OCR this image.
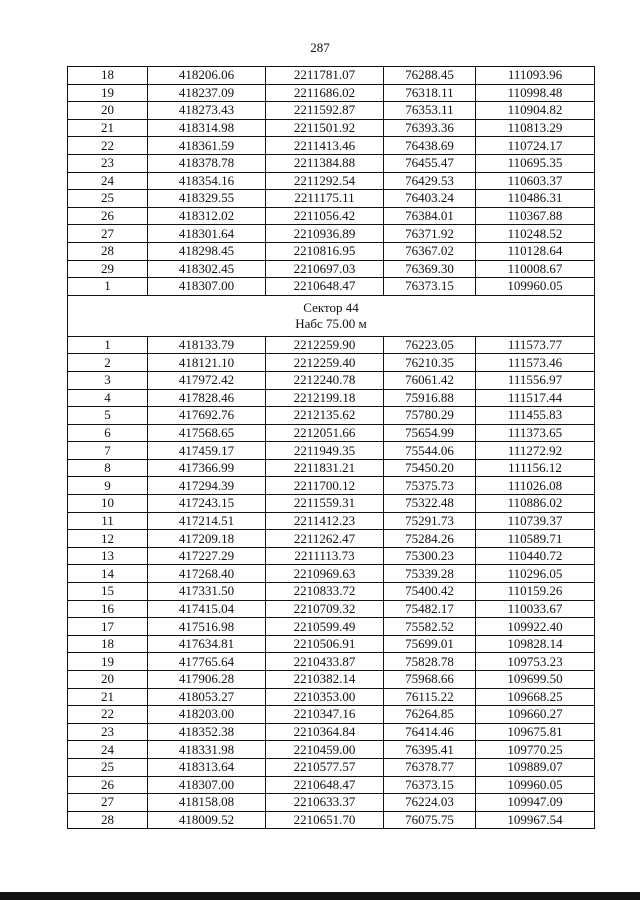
287
18	418206.06	2211781.07	76288.45	111093.96
19	418237.09	2211686.02	76318.11	110998.48
20	418273.43	2211592.87	76353.11	110904.82
21	418314.98	2211501.92	76393.36	110813.29
22	418361.59	2211413.46	76438.69	110724.17
23	418378.78	2211384.88	76455.47	110695.35
24	418354.16	2211292.54	76429.53	110603.37
25	418329.55	2211175.11	76403.24	110486.31
26	418312.02	2211056.42	76384.01	110367.88
27	418301.64	2210936.89	76371.92	110248.52
28	418298.45	2210816.95	76367.02	110128.64
29	418302.45	2210697.03	76369.30	110008.67
1	418307.00	2210648.47	76373.15	109960.05

Сектор 44
Набс 75.00 м				

1	418133.79	2212259.90	76223.05	111573.77
2	418121.10	2212259.40	76210.35	111573.46
3	417972.42	2212240.78	76061.42	111556.97
4	417828.46	2212199.18	75916.88	111517.44
5	417692.76	2212135.62	75780.29	111455.83
6	417568.65	2212051.66	75654.99	111373.65
7	417459.17	2211949.35	75544.06	111272.92
8	417366.99	2211831.21	75450.20	111156.12
9	417294.39	2211700.12	75375.73	111026.08
10	417243.15	2211559.31	75322.48	110886.02
11	417214.51	2211412.23	75291.73	110739.37
12	417209.18	2211262.47	75284.26	110589.71
13	417227.29	2211113.73	75300.23	110440.72
14	417268.40	2210969.63	75339.28	110296.05
15	417331.50	2210833.72	75400.42	110159.26
16	417415.04	2210709.32	75482.17	110033.67
17	417516.98	2210599.49	75582.52	109922.40
18	417634.81	2210506.91	75699.01	109828.14
19	417765.64	2210433.87	75828.78	109753.23
20	417906.28	2210382.14	75968.66	109699.50
21	418053.27	2210353.00	76115.22	109668.25
22	418203.00	2210347.16	76264.85	109660.27
23	418352.38	2210364.84	76414.46	109675.81
24	418331.98	2210459.00	76395.41	109770.25
25	418313.64	2210577.57	76378.77	109889.07
26	418307.00	2210648.47	76373.15	109960.05
27	418158.08	2210633.37	76224.03	109947.09
28	418009.52	2210651.70	76075.75	109967.54
